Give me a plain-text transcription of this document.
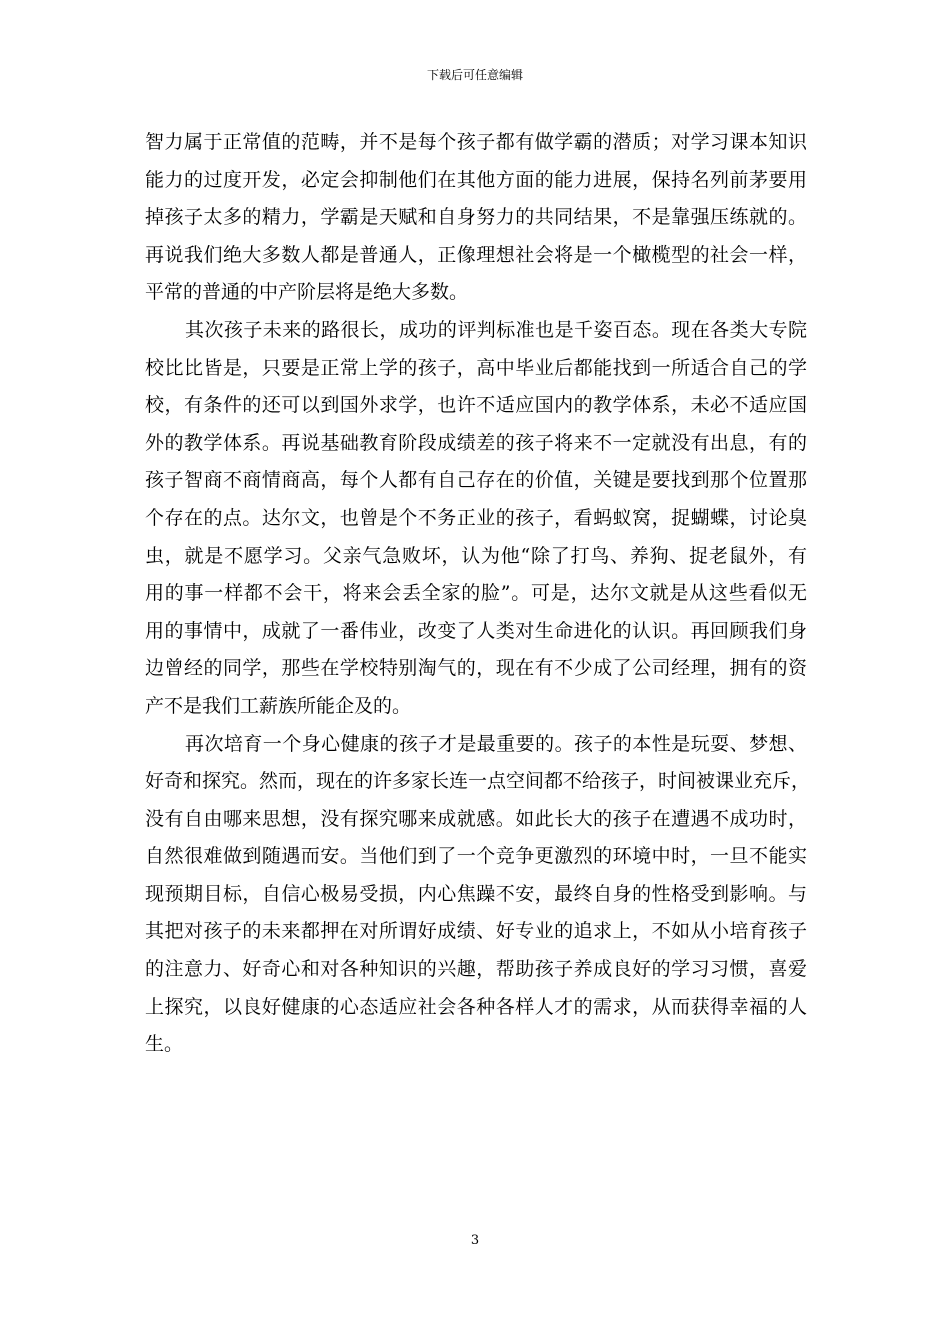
下载后可任意编辑
智力属于正常值的范畴，并不是每个孩子都有做学霸的潜质；对学习课本知识
能力的过度开发，必定会抑制他们在其他方面的能力进展，保持名列前茅要用
掉孩子太多的精力，学霸是天赋和自身努力的共同结果，不是靠强压练就的。
再说我们绝大多数人都是普通人，正像理想社会将是一个橄榄型的社会一样，
平常的普通的中产阶层将是绝大多数。
其次孩子未来的路很长，成功的评判标准也是千姿百态。现在各类大专院
校比比皆是，只要是正常上学的孩子，高中毕业后都能找到一所适合自己的学
校，有条件的还可以到国外求学，也许不适应国内的教学体系，未必不适应国
外的教学体系。再说基础教育阶段成绩差的孩子将来不一定就没有出息，有的
孩子智商不商情商高，每个人都有自己存在的价值，关键是要找到那个位置那
个存在的点。达尔文，也曾是个不务正业的孩子，看蚂蚁窝，捉蝴蝶，讨论臭
虫，就是不愿学习。父亲气急败坏，认为他“除了打鸟、养狗、捉老鼠外，有
用的事一样都不会干，将来会丢全家的脸”。可是，达尔文就是从这些看似无
用的事情中，成就了一番伟业，改变了人类对生命进化的认识。再回顾我们身
边曾经的同学，那些在学校特别淘气的，现在有不少成了公司经理，拥有的资
产不是我们工薪族所能企及的。
再次培育一个身心健康的孩子才是最重要的。孩子的本性是玩耍、梦想、
好奇和探究。然而，现在的许多家长连一点空间都不给孩子，时间被课业充斥，
没有自由哪来思想，没有探究哪来成就感。如此长大的孩子在遭遇不成功时，
自然很难做到随遇而安。当他们到了一个竞争更激烈的环境中时，一旦不能实
现预期目标，自信心极易受损，内心焦躁不安，最终自身的性格受到影响。与
其把对孩子的未来都押在对所谓好成绩、好专业的追求上，不如从小培育孩子
的注意力、好奇心和对各种知识的兴趣，帮助孩子养成良好的学习习惯，喜爱
上探究，以良好健康的心态适应社会各种各样人才的需求，从而获得幸福的人
生。
3
